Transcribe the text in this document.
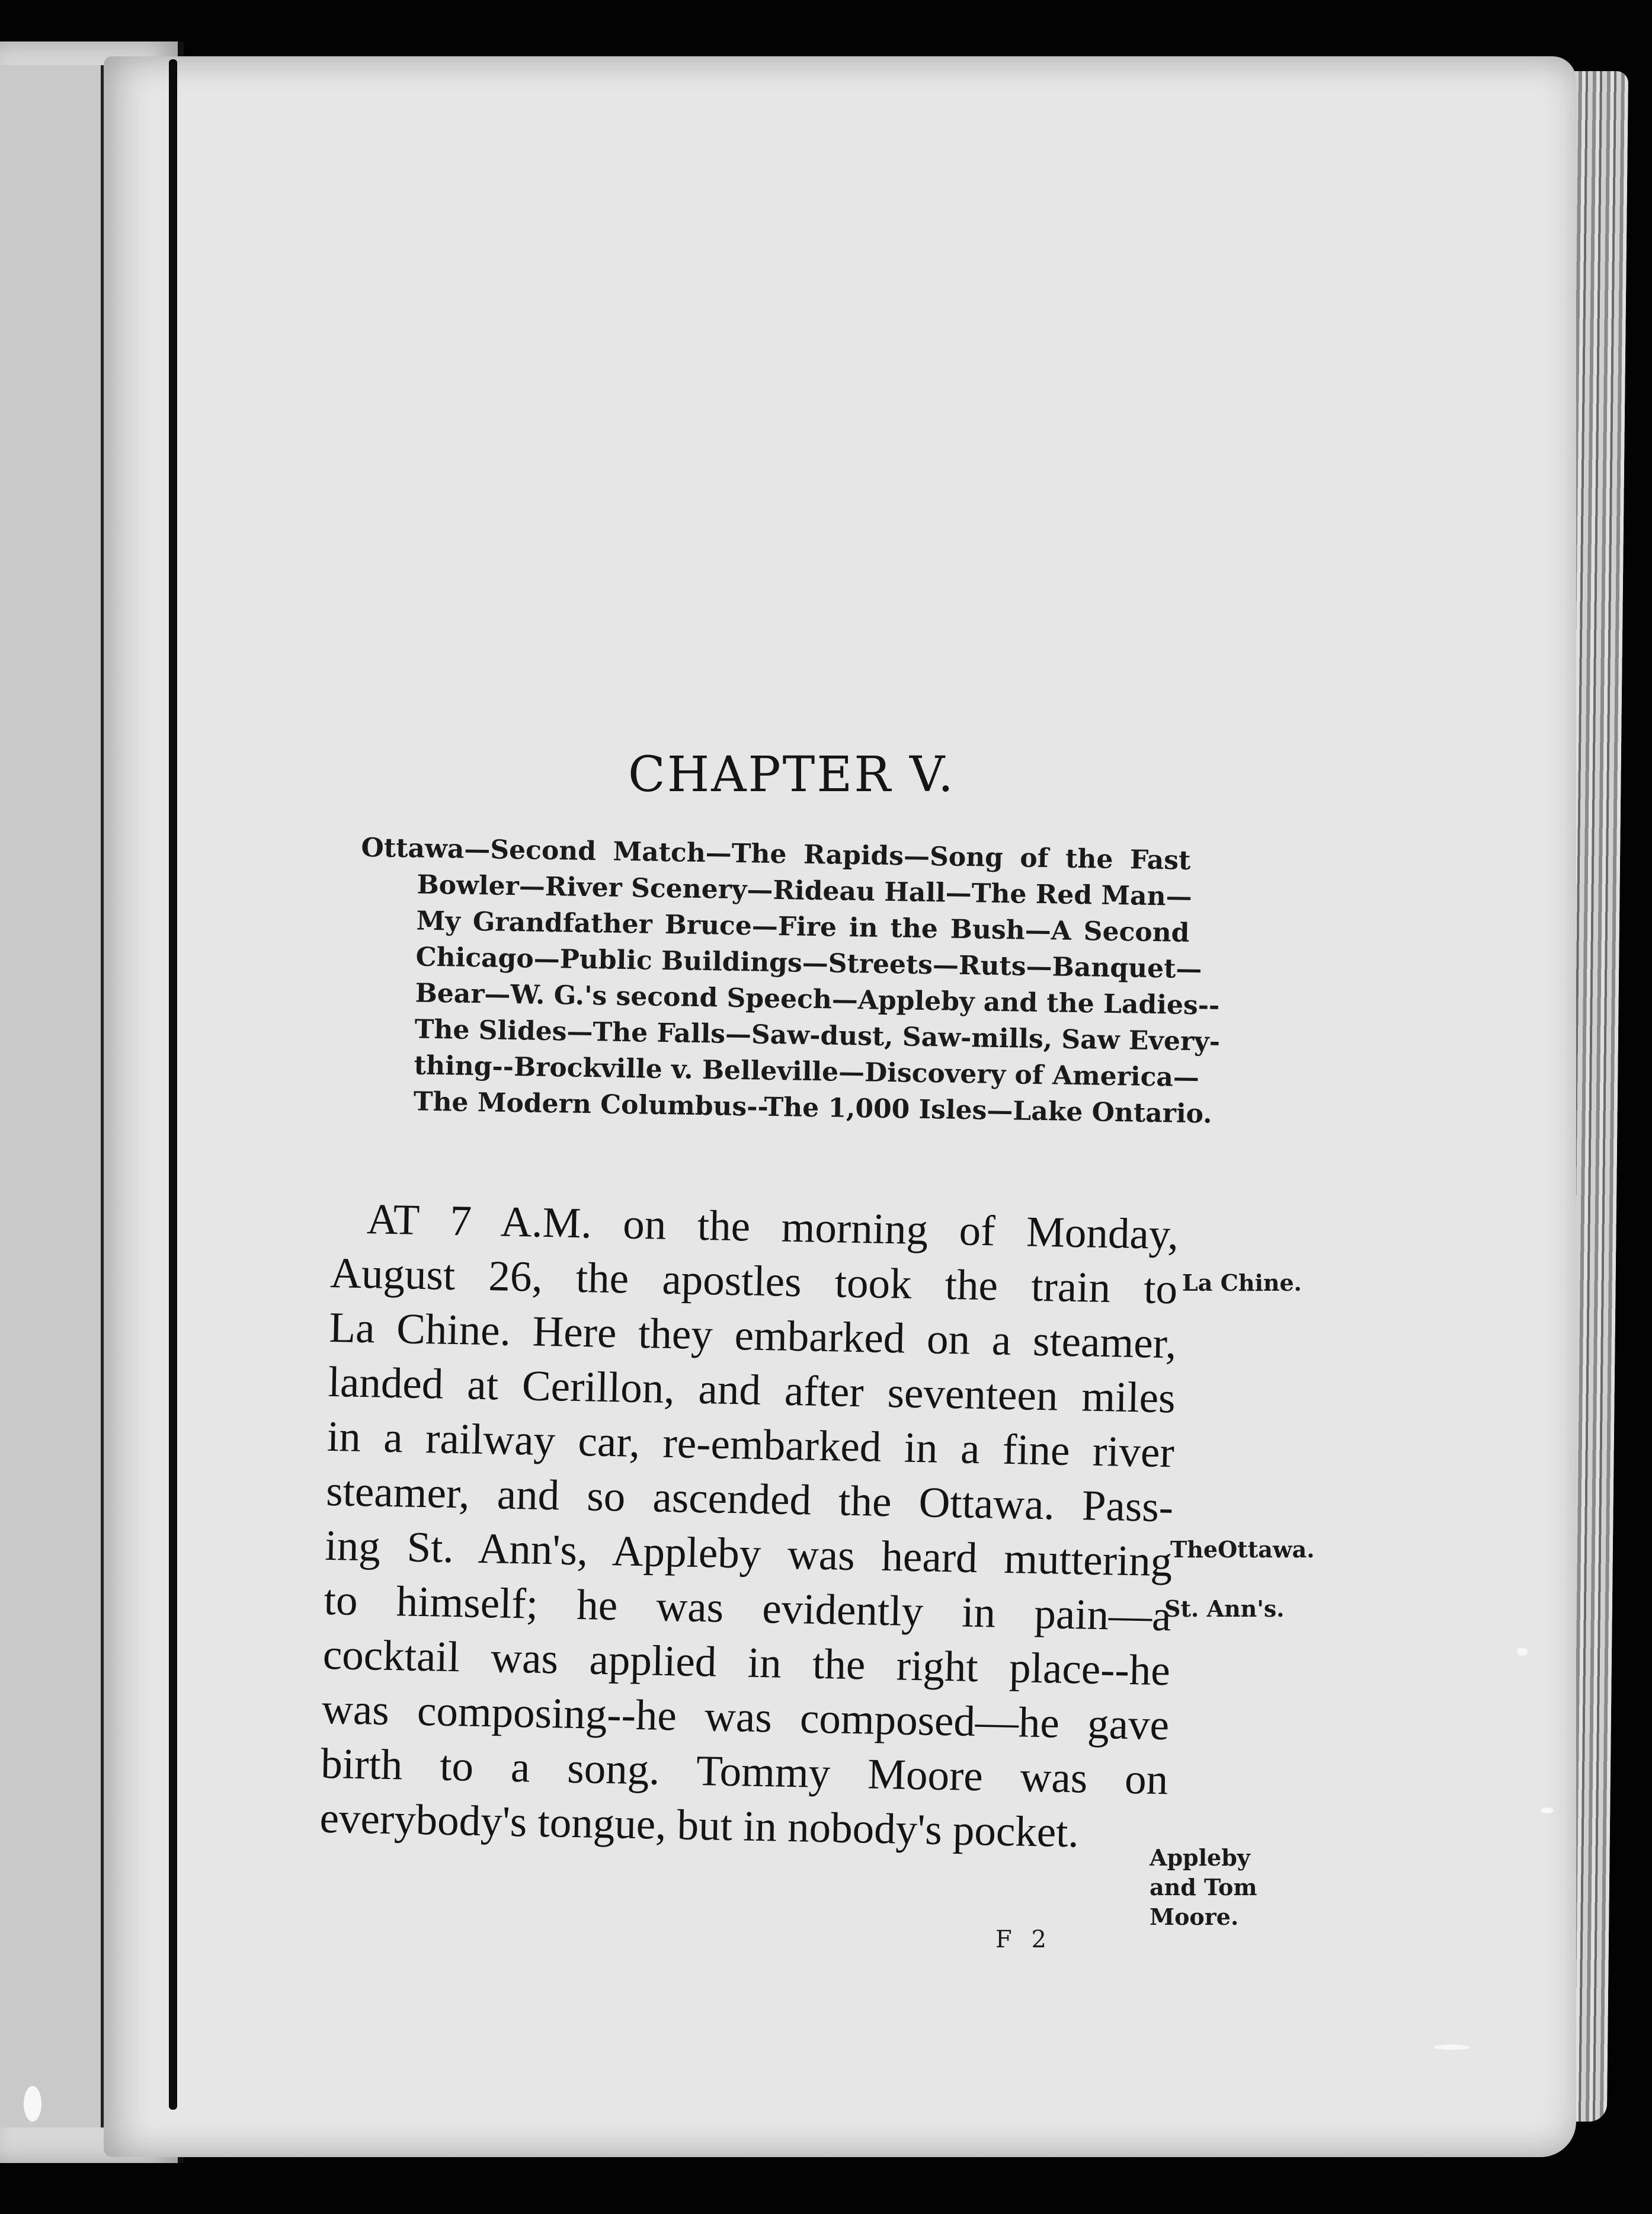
CHAPTER V.
Ottawa—Second Match—The Rapids—Song of the Fast
Bowler—River Scenery—Rideau Hall—The Red Man—
My Grandfather Bruce—Fire in the Bush—A Second
Chicago—Public Buildings—Streets—Ruts—Banquet—
Bear—W. G.'s second Speech—Appleby and the Ladies--
The Slides—The Falls—Saw-dust, Saw-mills, Saw Every-
thing--Brockville v. Belleville—Discovery of America—
The Modern Columbus--The 1,000 Isles—Lake Ontario.
AT 7 A.M. on the morning of Monday,
August 26, the apostles took the train to
La Chine. Here they embarked on a steamer,
landed at Cerillon, and after seventeen miles
in a railway car, re-embarked in a fine river
steamer, and so ascended the Ottawa. Pass-
ing St. Ann's, Appleby was heard muttering
to himself; he was evidently in pain—a
cocktail was applied in the right place--he
was composing--he was composed—he gave
birth to a song. Tommy Moore was on
everybody's tongue, but in nobody's pocket.
La Chine.
TheOttawa.
St. Ann's.
Appleby
and Tom
Moore.
F 2
